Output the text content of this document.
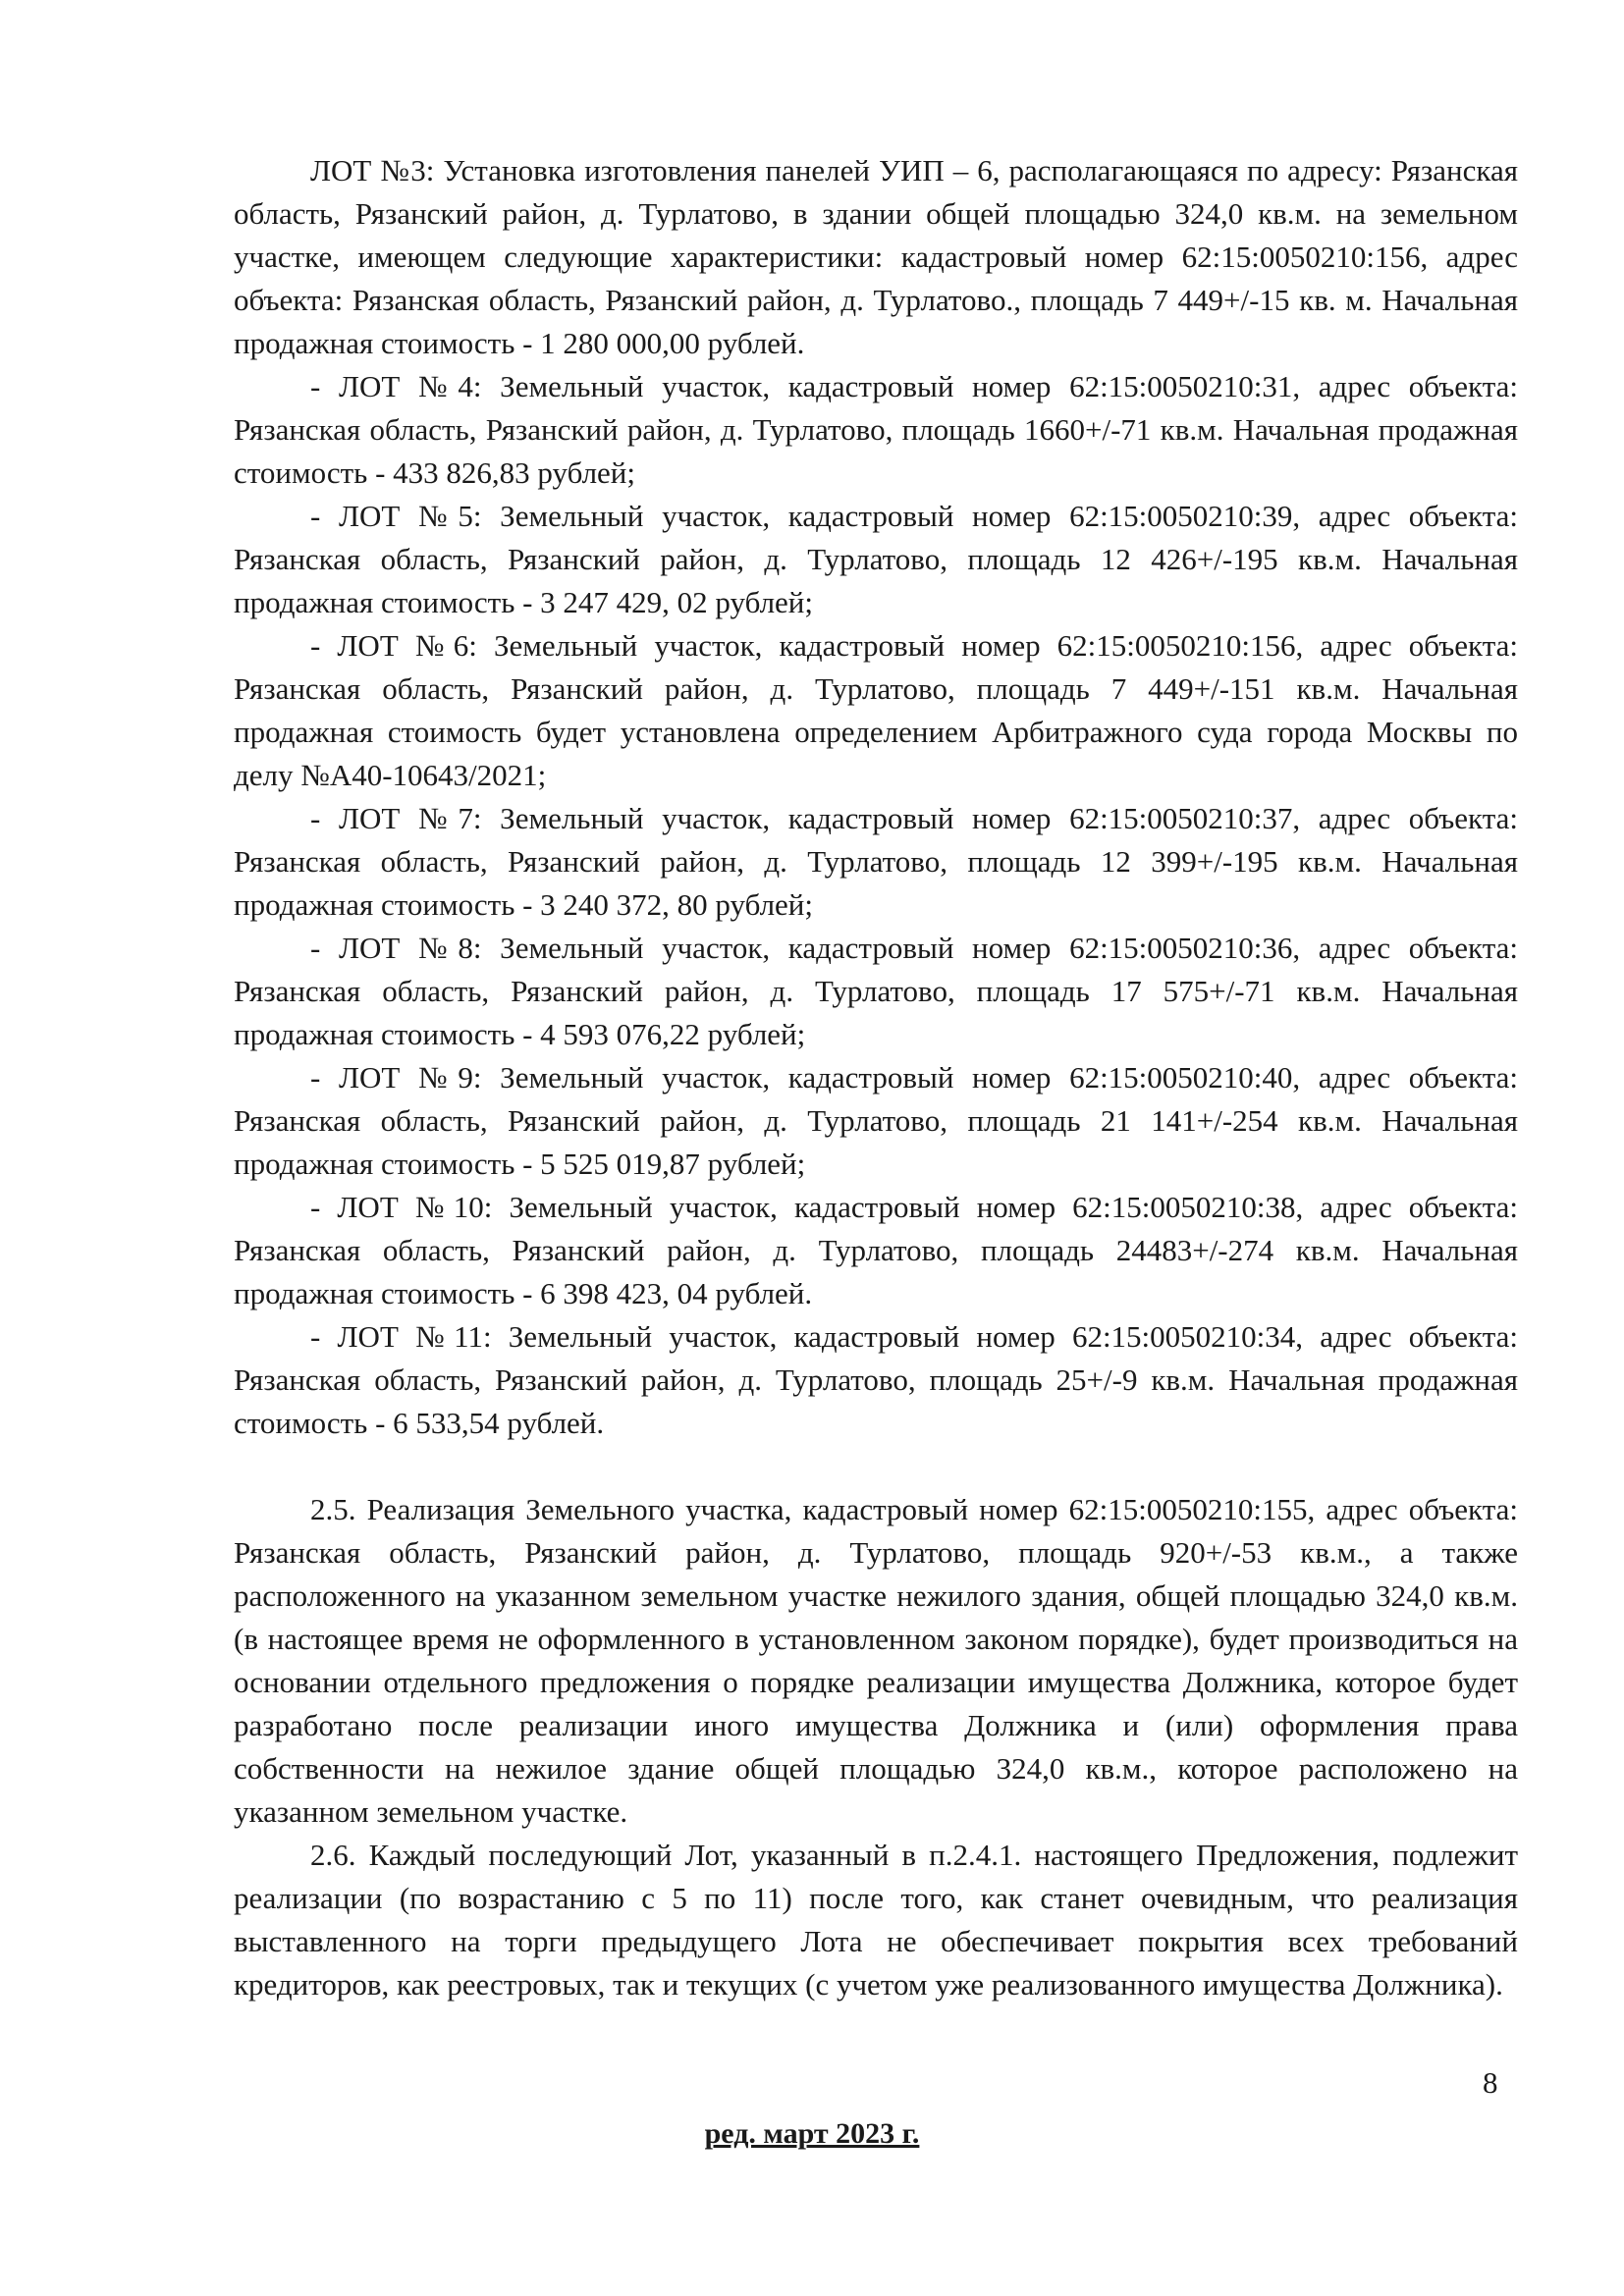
ЛОТ №3: Установка изготовления панелей УИП – 6, располагающаяся по адресу: Рязанская область, Рязанский район, д. Турлатово, в здании общей площадью 324,0 кв.м. на земельном участке, имеющем следующие характеристики: кадастровый номер 62:15:0050210:156, адрес объекта: Рязанская область, Рязанский район, д. Турлатово., площадь 7 449+/-15 кв. м. Начальная продажная стоимость - 1 280 000,00 рублей.

- ЛОТ №4: Земельный участок, кадастровый номер 62:15:0050210:31, адрес объекта: Рязанская область, Рязанский район, д. Турлатово, площадь 1660+/-71 кв.м. Начальная продажная стоимость - 433 826,83 рублей;

- ЛОТ №5: Земельный участок, кадастровый номер 62:15:0050210:39, адрес объекта: Рязанская область, Рязанский район, д. Турлатово, площадь 12 426+/-195 кв.м. Начальная продажная стоимость - 3 247 429, 02 рублей;

- ЛОТ №6: Земельный участок, кадастровый номер 62:15:0050210:156, адрес объекта: Рязанская область, Рязанский район, д. Турлатово, площадь 7 449+/-151 кв.м. Начальная продажная стоимость будет установлена определением Арбитражного суда города Москвы по делу №А40-10643/2021;

- ЛОТ №7: Земельный участок, кадастровый номер 62:15:0050210:37, адрес объекта: Рязанская область, Рязанский район, д. Турлатово, площадь 12 399+/-195 кв.м. Начальная продажная стоимость - 3 240 372, 80 рублей;

- ЛОТ №8: Земельный участок, кадастровый номер 62:15:0050210:36, адрес объекта: Рязанская область, Рязанский район, д. Турлатово, площадь 17 575+/-71 кв.м. Начальная продажная стоимость - 4 593 076,22 рублей;

- ЛОТ №9: Земельный участок, кадастровый номер 62:15:0050210:40, адрес объекта: Рязанская область, Рязанский район, д. Турлатово, площадь 21 141+/-254 кв.м. Начальная продажная стоимость - 5 525 019,87 рублей;

- ЛОТ №10: Земельный участок, кадастровый номер 62:15:0050210:38, адрес объекта: Рязанская область, Рязанский район, д. Турлатово, площадь 24483+/-274 кв.м. Начальная продажная стоимость - 6 398 423, 04 рублей.

- ЛОТ №11: Земельный участок, кадастровый номер 62:15:0050210:34, адрес объекта: Рязанская область, Рязанский район, д. Турлатово, площадь 25+/-9 кв.м. Начальная продажная стоимость - 6 533,54 рублей.

2.5. Реализация Земельного участка, кадастровый номер 62:15:0050210:155, адрес объекта: Рязанская область, Рязанский район, д. Турлатово, площадь 920+/-53 кв.м., а также расположенного на указанном земельном участке нежилого здания, общей площадью 324,0 кв.м. (в настоящее время не оформленного в установленном законом порядке), будет производиться на основании отдельного предложения о порядке реализации имущества Должника, которое будет разработано после реализации иного имущества Должника и (или) оформления права собственности на нежилое здание общей площадью 324,0 кв.м., которое расположено на указанном земельном участке.

2.6. Каждый последующий Лот, указанный в п.2.4.1. настоящего Предложения, подлежит реализации (по возрастанию с 5 по 11) после того, как станет очевидным, что реализация выставленного на торги предыдущего Лота не обеспечивает покрытия всех требований кредиторов, как реестровых, так и текущих (с учетом уже реализованного имущества Должника).

8
ред. март 2023 г.
